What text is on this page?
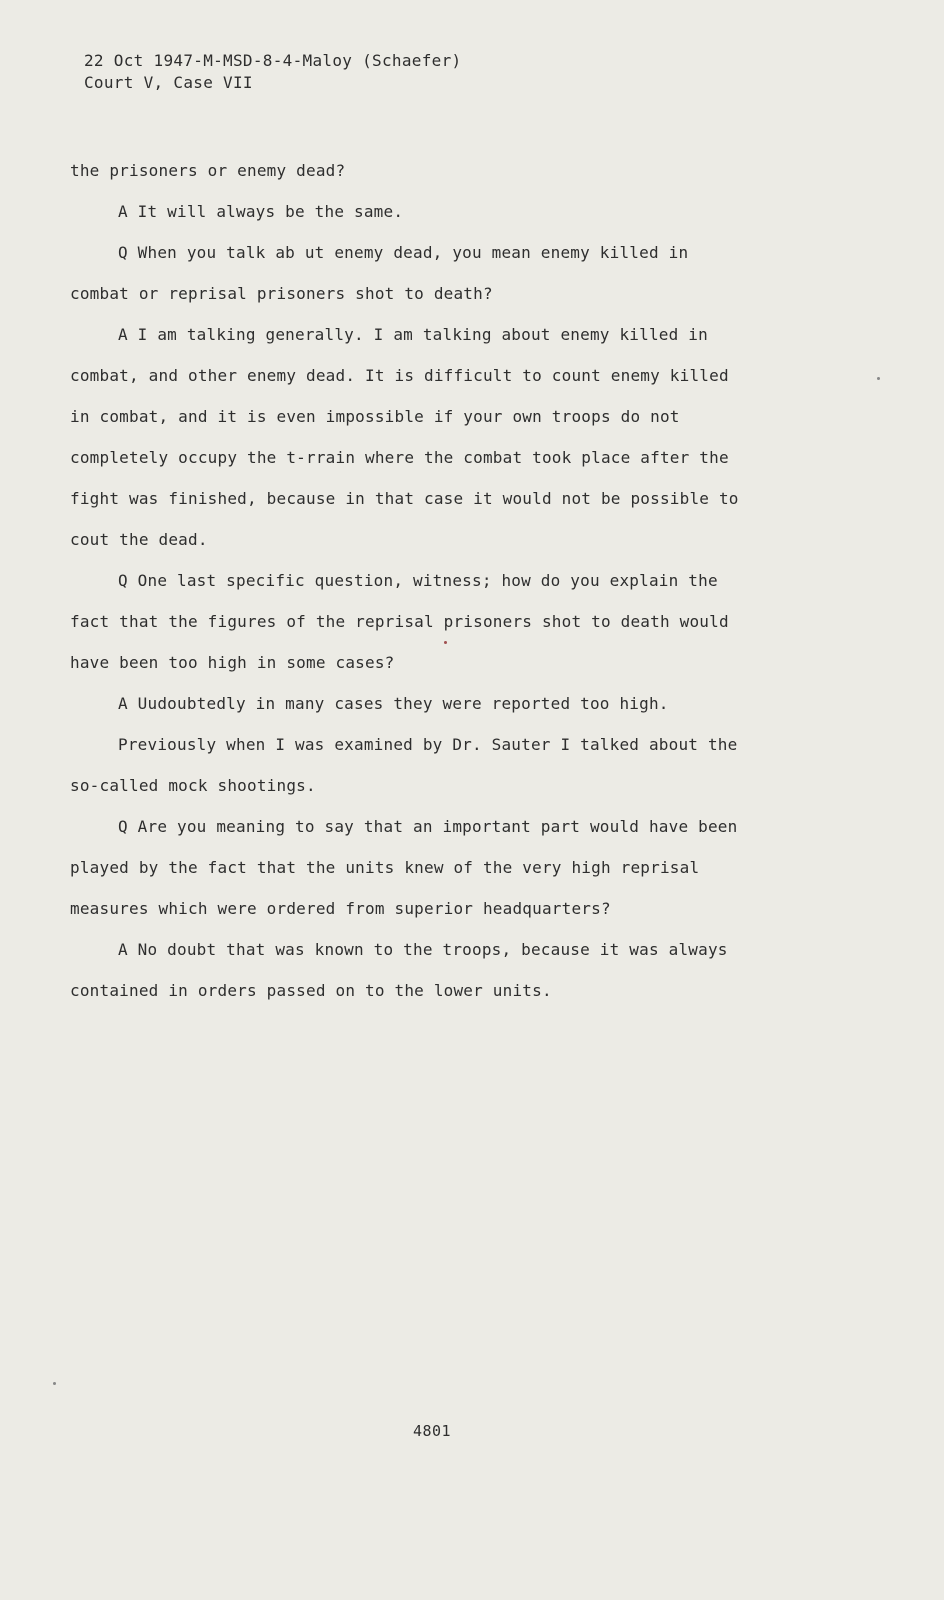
22 Oct 1947-M-MSD-8-4-Maloy (Schaefer)
Court V, Case VII
the prisoners or enemy dead?
A It will always be the same.
Q When you talk ab ut enemy dead, you mean enemy killed in
combat or reprisal prisoners shot to death?
A I am talking generally. I am talking about enemy killed in
combat, and other enemy dead. It is difficult to count enemy killed
in combat, and it is even impossible if your own troops do not
completely occupy the t-rrain where the combat took place after the
fight was finished, because in that case it would not be possible to
cout the dead.
Q One last specific question, witness; how do you explain the
fact that the figures of the reprisal prisoners shot to death would
have been too high in some cases?
A Uudoubtedly in many cases they were reported too high.
Previously when I was examined by Dr. Sauter I talked about the
so-called mock shootings.
Q Are you meaning to say that an important part would have been
played by the fact that the units knew of the very high reprisal
measures which were ordered from superior headquarters?
A No doubt that was known to the troops, because it was always
contained in orders passed on to the lower units.
4801
